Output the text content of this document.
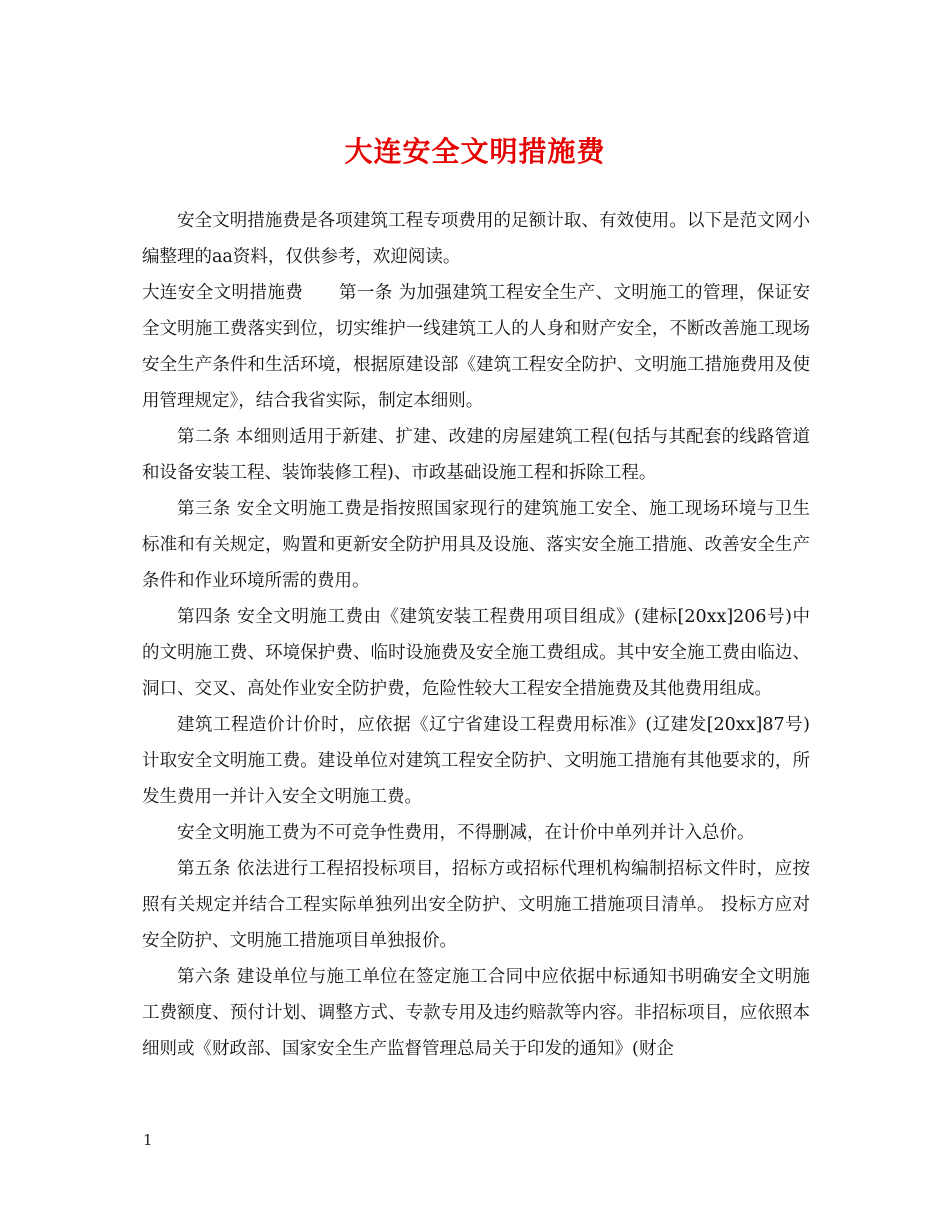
大连安全文明措施费

安全文明措施费是各项建筑工程专项费用的足额计取、有效使用。以下是范文网小编整理的aa资料，仅供参考，欢迎阅读。

大连安全文明措施费　　第一条 为加强建筑工程安全生产、文明施工的管理，保证安全文明施工费落实到位，切实维护一线建筑工人的人身和财产安全，不断改善施工现场安全生产条件和生活环境，根据原建设部《建筑工程安全防护、文明施工措施费用及使用管理规定》，结合我省实际，制定本细则。

第二条 本细则适用于新建、扩建、改建的房屋建筑工程(包括与其配套的线路管道和设备安装工程、装饰装修工程)、市政基础设施工程和拆除工程。

第三条 安全文明施工费是指按照国家现行的建筑施工安全、施工现场环境与卫生标准和有关规定，购置和更新安全防护用具及设施、落实安全施工措施、改善安全生产条件和作业环境所需的费用。

第四条 安全文明施工费由《建筑安装工程费用项目组成》(建标[20xx]206号)中的文明施工费、环境保护费、临时设施费及安全施工费组成。其中安全施工费由临边、洞口、交叉、高处作业安全防护费，危险性较大工程安全措施费及其他费用组成。

建筑工程造价计价时，应依据《辽宁省建设工程费用标准》(辽建发[20xx]87号)计取安全文明施工费。建设单位对建筑工程安全防护、文明施工措施有其他要求的，所发生费用一并计入安全文明施工费。

安全文明施工费为不可竞争性费用，不得删减，在计价中单列并计入总价。

第五条 依法进行工程招投标项目，招标方或招标代理机构编制招标文件时，应按照有关规定并结合工程实际单独列出安全防护、文明施工措施项目清单。 投标方应对安全防护、文明施工措施项目单独报价。

第六条 建设单位与施工单位在签定施工合同中应依据中标通知书明确安全文明施工费额度、预付计划、调整方式、专款专用及违约赔款等内容。非招标项目，应依照本细则或《财政部、国家安全生产监督管理总局关于印发的通知》(财企

1
